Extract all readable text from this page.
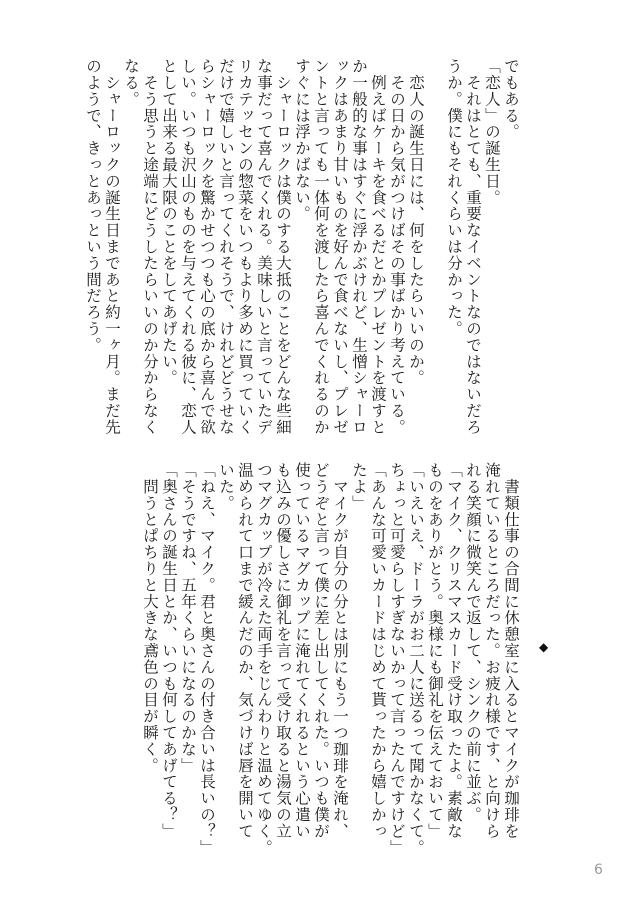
でもある。
「恋人」の誕生日。
　それはとても、重要なイベントなのではないだろ
うか。僕にもそれくらいは分かった。
　恋人の誕生日には、何をしたらいいのか。
　その日から気がつけばその事ばかり考えている。
　例えばケーキを食べるだとかプレゼントを渡すと
か一般的な事はすぐに浮かぶけれど、生憎シャーロ
ックはあまり甘いものを好んで食べないし、プレゼ
ントと言っても一体何を渡したら喜んでくれるのか
すぐには浮かばない。
　シャーロックは僕のする大抵のことをどんな些細
な事だって喜んでくれる。美味しいと言っていたデ
リカテッセンの惣菜をいつもより多めに買っていく
だけで嬉しいと言ってくれそうで、けれどどうせな
らシャーロックを驚かせつつも心の底から喜んで欲
しい。いつも沢山のものを与えてくれる彼に、恋人
として出来る最大限のことをしてあげたい。
　そう思うと途端にどうしたらいいのか分からなく
なる。
　シャーロックの誕生日まであと約一ヶ月。まだ先
のようで、きっとあっという間だろう。
◆
　書類仕事の合間に休憩室に入るとマイクが珈琲を
淹れているところだった。お疲れ様です、と向けら
れる笑顔に微笑んで返して、シンクの前に並ぶ。
「マイク、クリスマスカード受け取ったよ。素敵な
ものをありがとう。奥様にも御礼を伝えておいて」
「いえいえ、ドーラがお二人に送るって聞かなくて。
ちょっと可愛らしすぎないかって言ったんですけど」
「あんな可愛いカードはじめて貰ったから嬉しかっ
たよ」
　マイクが自分の分とは別にもう一つ珈琲を淹れ、
どうぞと言って僕に差し出してくれた。いつも僕が
使っているマグカップに淹れてくれるという心遣い
も込みの優しさに御礼を言って受け取ると湯気の立
つマグカップが冷えた両手をじんわりと温めてゆく。
温められて口まで緩んだのか、気づけば唇を開いて
いた。
「ねえ、マイク。君と奥さんの付き合いは長いの？」
「そうですね、五年くらいになるのかな」
「奥さんの誕生日とか、いつも何してあげてる？」
　問うとぱちりと大きな鳶色の目が瞬く。
6
